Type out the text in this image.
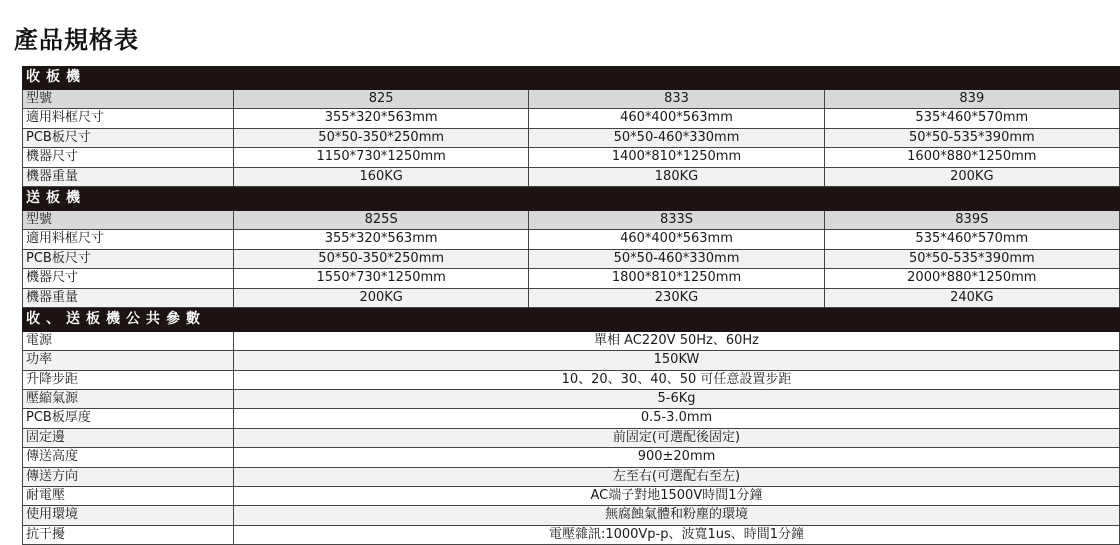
產品規格表
收板機
型號	825	833	839
適用料框尺寸	355*320*563mm	460*400*563mm	535*460*570mm
PCB板尺寸	50*50-350*250mm	50*50-460*330mm	50*50-535*390mm
機器尺寸	1150*730*1250mm	1400*810*1250mm	1600*880*1250mm
機器重量	160KG	180KG	200KG
送板機
型號	825S	833S	839S
適用料框尺寸	355*320*563mm	460*400*563mm	535*460*570mm
PCB板尺寸	50*50-350*250mm	50*50-460*330mm	50*50-535*390mm
機器尺寸	1550*730*1250mm	1800*810*1250mm	2000*880*1250mm
機器重量	200KG	230KG	240KG
收、送板機公共參數
電源	單相 AC220V 50Hz、60Hz
功率	150KW
升降步距	10、20、30、40、50 可任意設置步距
壓縮氣源	5-6Kg
PCB板厚度	0.5-3.0mm
固定邊	前固定(可選配後固定)
傳送高度	900±20mm
傳送方向	左至右(可選配右至左)
耐電壓	AC端子對地1500V時間1分鐘
使用環境	無腐蝕氣體和粉塵的環境
抗干擾	電壓雜訊:1000Vp-p、波寬1us、時間1分鐘
